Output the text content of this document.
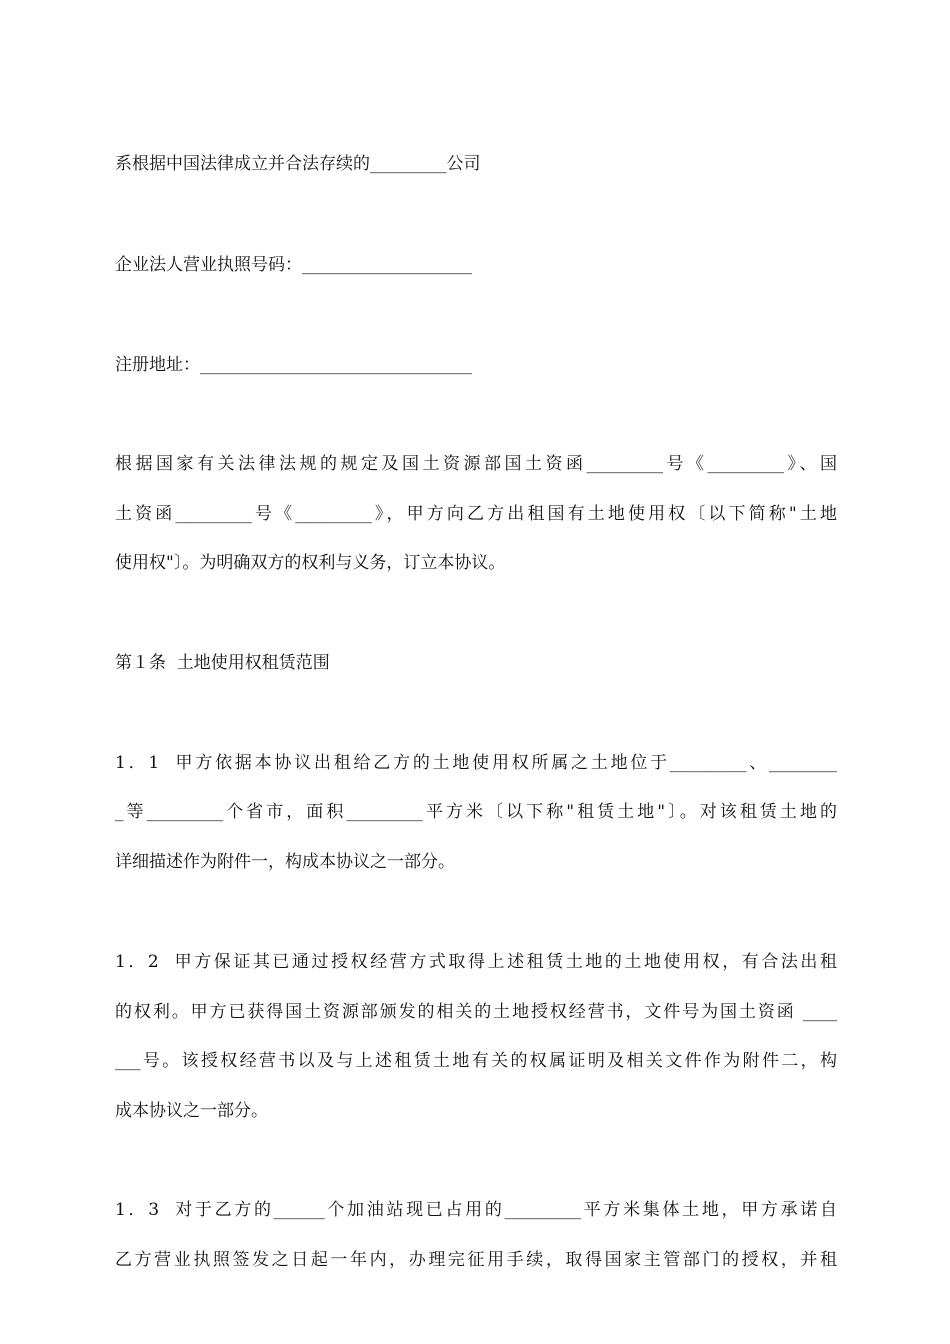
系根据中国法律成立并合法存续的_________公司
企业法人营业执照号码：____________________
注册地址：________________________________
根据国家有关法律法规的规定及国土资源部国土资函_________号《_________》、国
土资函_________号《_________》，甲方向乙方出租国有土地使用权〔以下简称"土地
使用权"〕。为明确双方的权利与义务，订立本协议。
第１条  土地使用权租赁范围
1．1  甲方依据本协议出租给乙方的土地使用权所属之土地位于_________、________
_等_________个省市，面积_________平方米〔以下称"租赁土地"〕。对该租赁土地的
详细描述作为附件一，构成本协议之一部分。
1．2  甲方保证其已通过授权经营方式取得上述租赁土地的土地使用权，有合法出租
的权利。甲方已获得国土资源部颁发的相关的土地授权经营书，文件号为国土资函 ____
___号。该授权经营书以及与上述租赁土地有关的权属证明及相关文件作为附件二，构
成本协议之一部分。
1．3  对于乙方的______个加油站现已占用的_________平方米集体土地，甲方承诺自
乙方营业执照签发之日起一年内，办理完征用手续，取得国家主管部门的授权，并租
